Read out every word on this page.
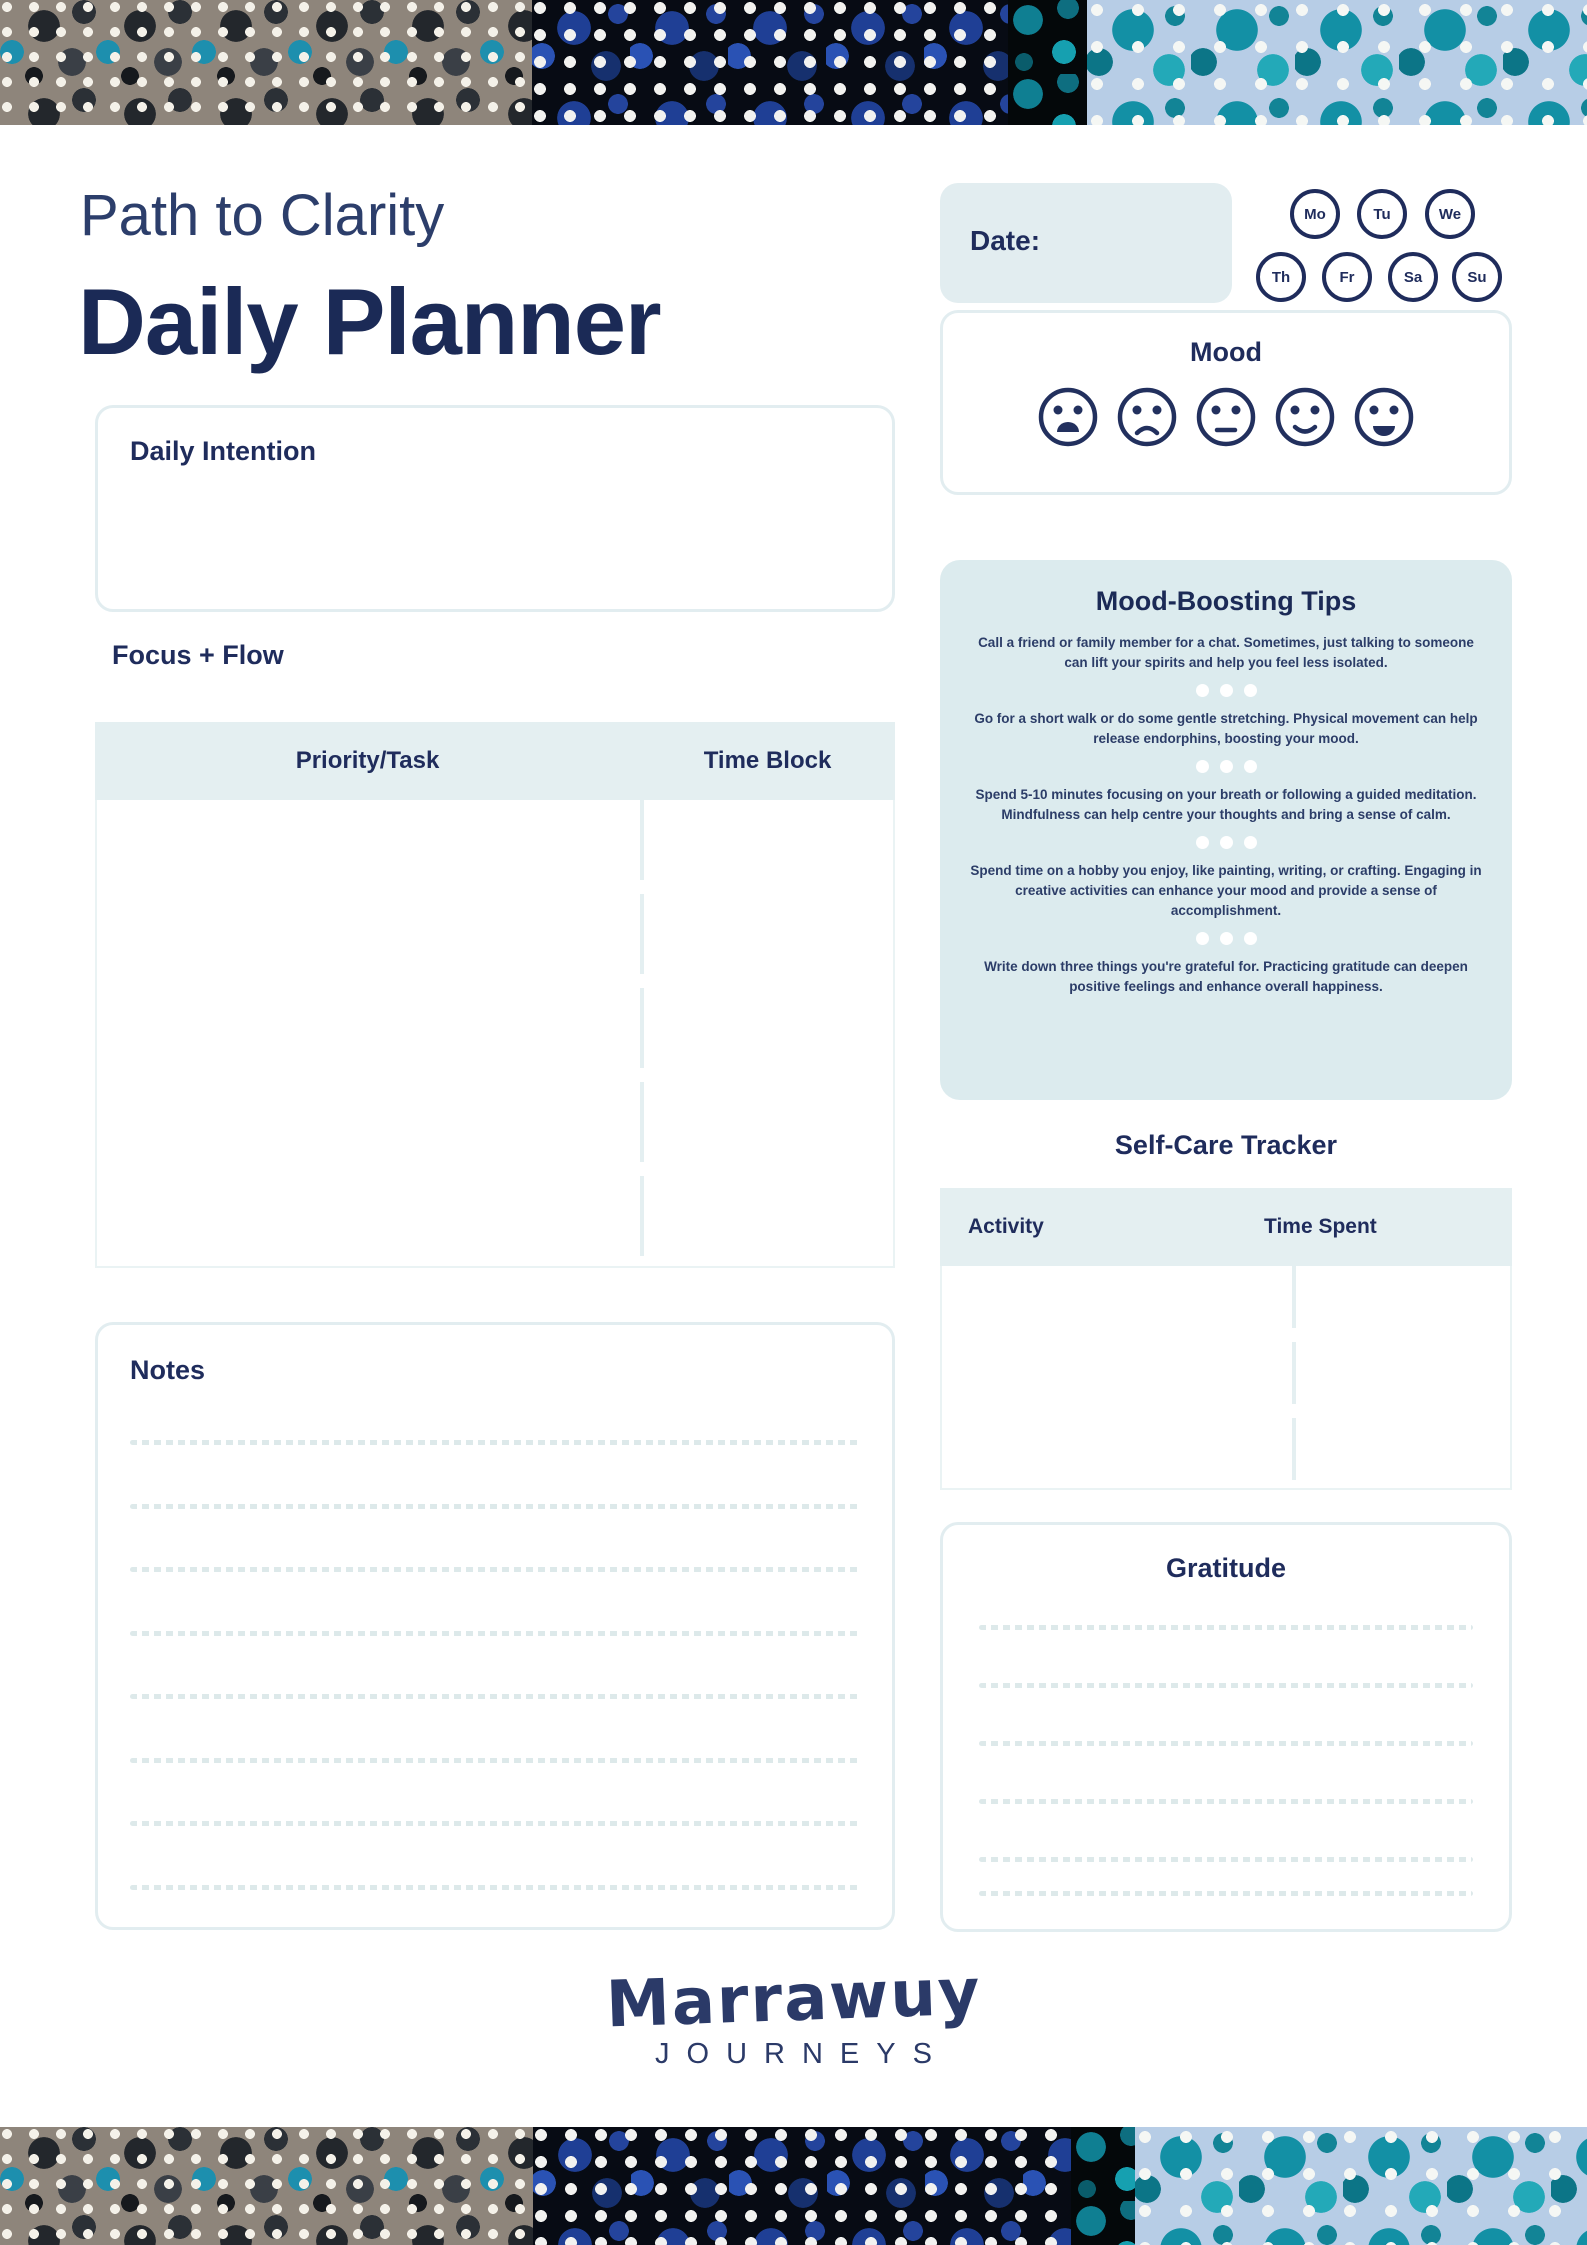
Path to Clarity
Daily Planner
Date:
Mo	Tu	We
Th	Fr	Sa	Su
Daily Intention
Focus + Flow
Priority/Task	Time Block
Notes
Mood
Mood-Boosting Tips

Call a friend or family member for a chat. Sometimes, just talking to someone can lift your spirits and help you feel less isolated.

Go for a short walk or do some gentle stretching. Physical movement can help release endorphins, boosting your mood.

Spend 5-10 minutes focusing on your breath or following a guided meditation. Mindfulness can help centre your thoughts and bring a sense of calm.

Spend time on a hobby you enjoy, like painting, writing, or crafting. Engaging in creative activities can enhance your mood and provide a sense of accomplishment.

Write down three things you're grateful for. Practicing gratitude can deepen positive feelings and enhance overall happiness.

Self-Care Tracker
Activity	Time Spent
Gratitude
Marrawuy
JOURNEYS
